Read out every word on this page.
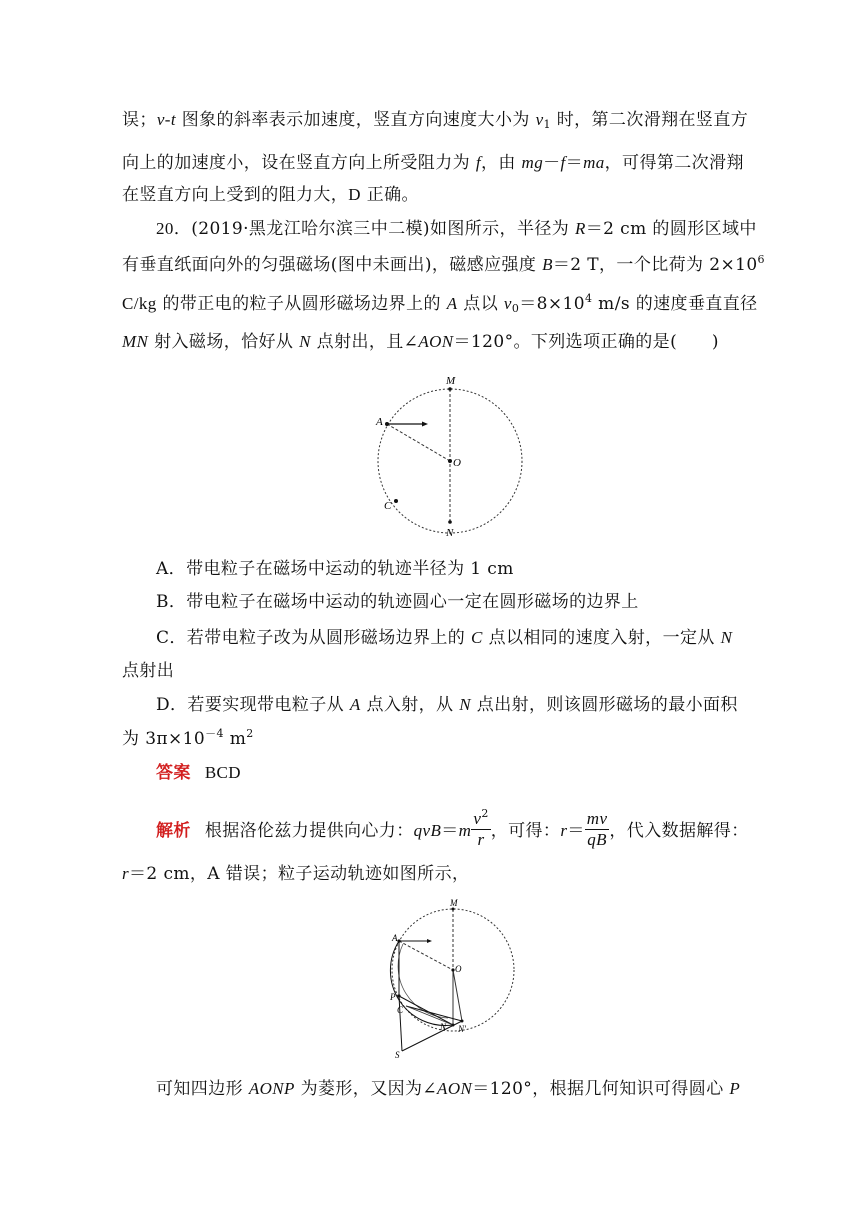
误；v-t 图象的斜率表示加速度，竖直方向速度大小为 $v_1$ 时，第二次滑翔在竖直方
向上的加速度小，设在竖直方向上所受阻力为 f，由 mg－f＝ma，可得第二次滑翔
在竖直方向上受到的阻力大，D 正确。
20．(2019·黑龙江哈尔滨三中二模)如图所示，半径为 R＝2 cm 的圆形区域中
有垂直纸面向外的匀强磁场(图中未画出)，磁感应强度 B＝2 T，一个比荷为 $2\times 10^6$
C/kg 的带正电的粒子从圆形磁场边界上的 A 点以 $v_0=8\times 10^4$ m/s 的速度垂直直径
MN 射入磁场，恰好从 N 点射出，且∠AON＝120°。下列选项正确的是(　　)
M
A
O
C
N
A．带电粒子在磁场中运动的轨迹半径为 1 cm
B．带电粒子在磁场中运动的轨迹圆心一定在圆形磁场的边界上
C．若带电粒子改为从圆形磁场边界上的 C 点以相同的速度入射，一定从 N
点射出
D．若要实现带电粒子从 A 点入射，从 N 点出射，则该圆形磁场的最小面积
为 $3\pi\times 10^{-4}$ $m^2$
答案 BCD
解析 根据洛伦兹力提供向心力：$qvB=m \frac{v^2}{r}$ ，可得：$r= \frac{mv}{qB}$ ，代入数据解得：
r＝2 cm，A 错误；粒子运动轨迹如图所示，
M
A
O
P
C
N N'
S
可知四边形 AONP 为菱形，又因为∠AON＝120°，根据几何知识可得圆心 P
